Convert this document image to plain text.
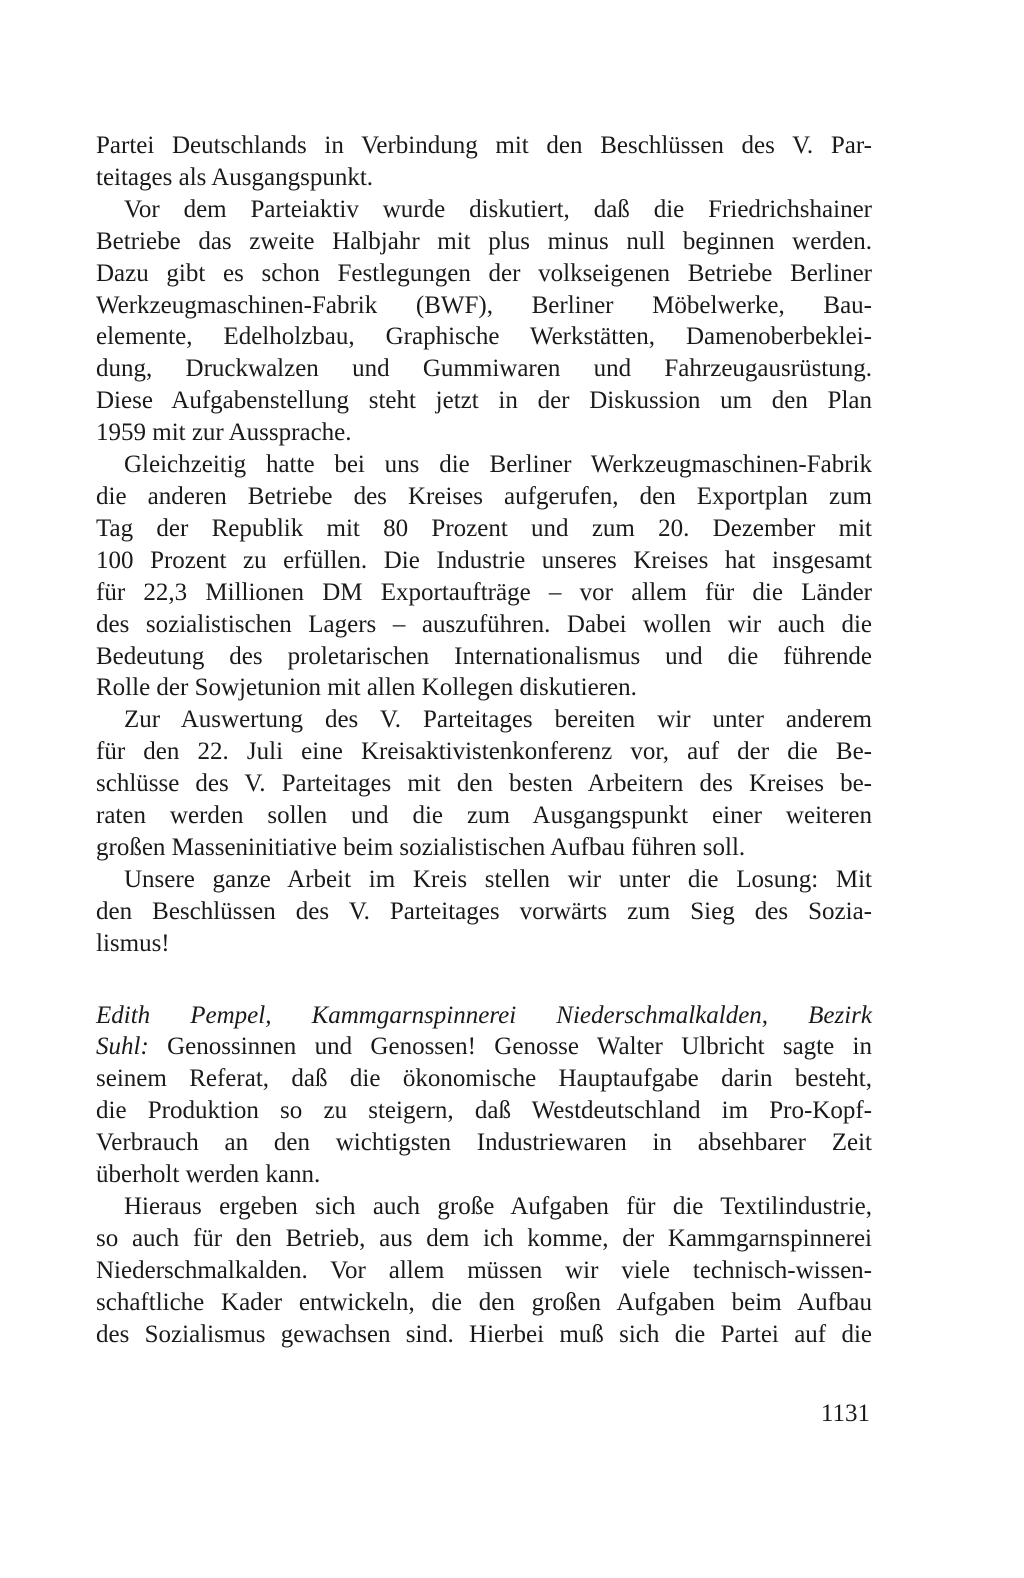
Partei Deutschlands in Verbindung mit den Beschlüssen des V. Par-
teitages als Ausgangspunkt.
Vor dem Parteiaktiv wurde diskutiert, daß die Friedrichshainer
Betriebe das zweite Halbjahr mit plus minus null beginnen werden.
Dazu gibt es schon Festlegungen der volkseigenen Betriebe Berliner
Werkzeugmaschinen-Fabrik (BWF), Berliner Möbelwerke, Bau-
elemente, Edelholzbau, Graphische Werkstätten, Damenoberbeklei-
dung, Druckwalzen und Gummiwaren und Fahrzeugausrüstung.
Diese Aufgabenstellung steht jetzt in der Diskussion um den Plan
1959 mit zur Aussprache.
Gleichzeitig hatte bei uns die Berliner Werkzeugmaschinen-Fabrik
die anderen Betriebe des Kreises aufgerufen, den Exportplan zum
Tag der Republik mit 80 Prozent und zum 20. Dezember mit
100 Prozent zu erfüllen. Die Industrie unseres Kreises hat insgesamt
für 22,3 Millionen DM Exportaufträge – vor allem für die Länder
des sozialistischen Lagers – auszuführen. Dabei wollen wir auch die
Bedeutung des proletarischen Internationalismus und die führende
Rolle der Sowjetunion mit allen Kollegen diskutieren.
Zur Auswertung des V. Parteitages bereiten wir unter anderem
für den 22. Juli eine Kreisaktivistenkonferenz vor, auf der die Be-
schlüsse des V. Parteitages mit den besten Arbeitern des Kreises be-
raten werden sollen und die zum Ausgangspunkt einer weiteren
großen Masseninitiative beim sozialistischen Aufbau führen soll.
Unsere ganze Arbeit im Kreis stellen wir unter die Losung: Mit
den Beschlüssen des V. Parteitages vorwärts zum Sieg des Sozia-
lismus!
Edith Pempel, Kammgarnspinnerei Niederschmalkalden, Bezirk
Suhl: Genossinnen und Genossen! Genosse Walter Ulbricht sagte in
seinem Referat, daß die ökonomische Hauptaufgabe darin besteht,
die Produktion so zu steigern, daß Westdeutschland im Pro-Kopf-
Verbrauch an den wichtigsten Industriewaren in absehbarer Zeit
überholt werden kann.
Hieraus ergeben sich auch große Aufgaben für die Textilindustrie,
so auch für den Betrieb, aus dem ich komme, der Kammgarnspinnerei
Niederschmalkalden. Vor allem müssen wir viele technisch-wissen-
schaftliche Kader entwickeln, die den großen Aufgaben beim Aufbau
des Sozialismus gewachsen sind. Hierbei muß sich die Partei auf die
1131
